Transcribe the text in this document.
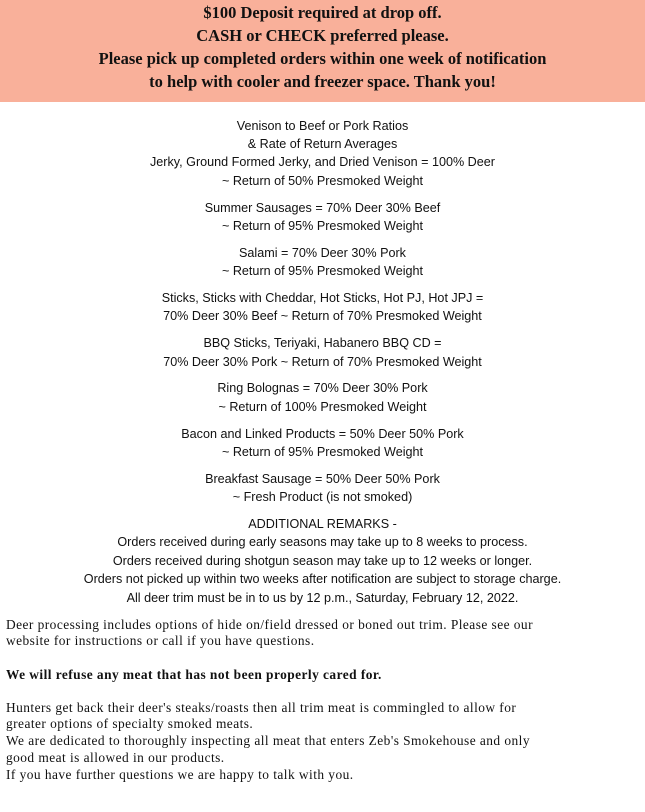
$100 Deposit required at drop off.
CASH or CHECK preferred please.
Please pick up completed orders within one week of notification
to help with cooler and freezer space. Thank you!
Venison to Beef or Pork Ratios
& Rate of Return Averages
Jerky, Ground Formed Jerky, and Dried Venison = 100% Deer
~ Return of 50% Presmoked Weight
Summer Sausages = 70% Deer 30% Beef
~ Return of 95% Presmoked Weight
Salami = 70% Deer 30% Pork
~ Return of 95% Presmoked Weight
Sticks, Sticks with Cheddar, Hot Sticks, Hot PJ, Hot JPJ =
70% Deer 30% Beef ~ Return of 70% Presmoked Weight
BBQ Sticks, Teriyaki, Habanero BBQ CD =
70% Deer 30% Pork ~ Return of 70% Presmoked Weight
Ring Bolognas = 70% Deer 30% Pork
~ Return of 100% Presmoked Weight
Bacon and Linked Products = 50% Deer 50% Pork
~ Return of 95% Presmoked Weight
Breakfast Sausage = 50% Deer 50% Pork
~ Fresh Product (is not smoked)
ADDITIONAL REMARKS -
Orders received during early seasons may take up to 8 weeks to process.
Orders received during shotgun season may take up to 12 weeks or longer.
Orders not picked up within two weeks after notification are subject to storage charge.
All deer trim must be in to us by 12 p.m., Saturday, February 12, 2022.
Deer processing includes options of hide on/field dressed or boned out trim. Please see our
website for instructions or call if you have questions.
We will refuse any meat that has not been properly cared for.
Hunters get back their deer's steaks/roasts then all trim meat is commingled to allow for
greater options of specialty smoked meats.
We are dedicated to thoroughly inspecting all meat that enters Zeb's Smokehouse and only
good meat is allowed in our products.
If you have further questions we are happy to talk with you.
